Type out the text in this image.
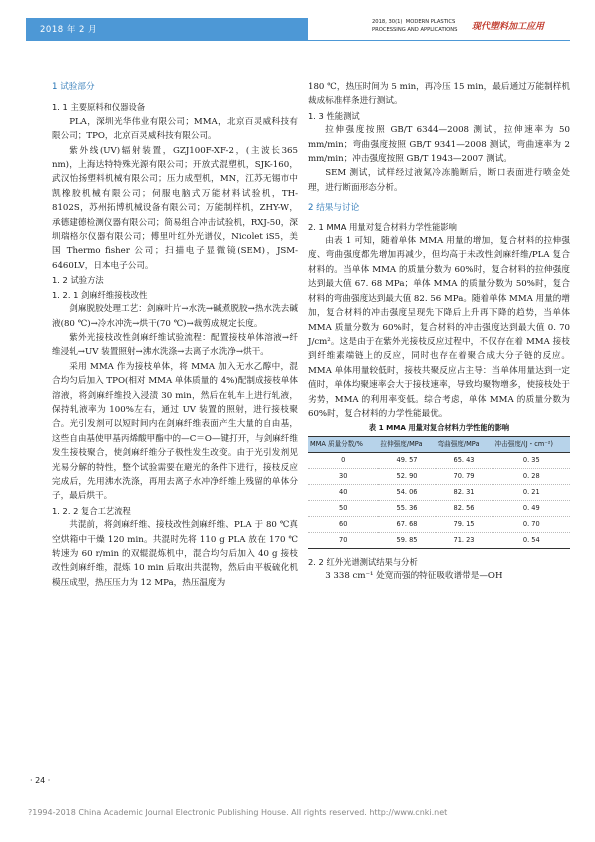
2018 年 2 月
2018, 30(1) MODERN PLASTICS
PROCESSING AND APPLICATIONS 现代塑料加工应用

1 试验部分

1. 1 主要原料和仪器设备

PLA，深圳光华伟业有限公司；MMA，北京百灵威科技有限公司；TPO，北京百灵威科技有限公司。

紫外线(UV)辐射装置，GZJ100F-XF-2，(主波长365 nm)，上海达特特殊光源有限公司；开放式混塑机，SJK-160，武汉怡扬塑料机械有限公司；压力成型机，MN，江苏无锡市中凯橡胶机械有限公司；伺服电脑式万能材料试验机，TH-8102S，苏州拓博机械设备有限公司；万能制样机，ZHY-W，承德建德检测仪器有限公司；简易组合冲击试验机，RXJ-50，深圳瑞格尔仪器有限公司；傅里叶红外光谱仪，Nicolet iS5，美国 Thermo fisher 公司；扫描电子显微镜(SEM)，JSM-6460LV，日本电子公司。

1. 2 试验方法

1. 2. 1 剑麻纤维接枝改性

剑麻脱胶处理工艺：剑麻叶片→水洗→碱煮脱胶→热水洗去碱液(80 ℃)→冷水冲洗→烘干(70 ℃)→裁剪成规定长度。

紫外光接枝改性剑麻纤维试验流程：配置接枝单体溶液→纤维浸轧→UV 装置照射→沸水洗涤→去离子水洗净→烘干。

采用 MMA 作为接枝单体，将 MMA 加入无水乙醇中，混合均匀后加入 TPO(相对 MMA 单体质量的 4%)配制成接枝单体溶液，将剑麻纤维投入浸渍 30 min，然后在轧车上进行轧液，保持轧液率为 100%左右，通过 UV 装置的照射，进行接枝聚合。光引发剂可以短时间内在剑麻纤维表面产生大量的自由基，这些自由基使甲基丙烯酸甲酯中的—C＝O—键打开，与剑麻纤维发生接枝聚合，使剑麻纤维分子极性发生改变。由于光引发剂见光易分解的特性，整个试验需要在避光的条件下进行，接枝反应完成后，先用沸水洗涤，再用去离子水冲净纤维上残留的单体分子，最后烘干。

1. 2. 2 复合工艺流程

共混前，将剑麻纤维、接枝改性剑麻纤维、PLA 于 80 ℃真空烘箱中干燥 120 min。共混时先将 110 g PLA 放在 170 ℃转速为 60 r/min 的双辊混炼机中，混合均匀后加入 40 g 接枝改性剑麻纤维，混炼 10 min 后取出共混物，然后由平板硫化机模压成型，热压压力为 12 MPa，热压温度为

180 ℃，热压时间为 5 min，再冷压 15 min，最后通过万能制样机裁成标准样条进行测试。

1. 3 性能测试

拉伸强度按照 GB/T 6344—2008 测试，拉伸速率为 50 mm/min；弯曲强度按照 GB/T 9341—2008 测试，弯曲速率为 2 mm/min；冲击强度按照 GB/T 1943—2007 测试。

SEM 测试，试样经过液氮冷冻脆断后，断口表面进行喷金处理，进行断面形态分析。

2 结果与讨论

2. 1 MMA 用量对复合材料力学性能影响

由表 1 可知，随着单体 MMA 用量的增加，复合材料的拉伸强度、弯曲强度都先增加再减少，但均高于未改性剑麻纤维/PLA 复合材料的。当单体 MMA 的质量分数为 60%时，复合材料的拉伸强度达到最大值 67. 68 MPa；单体 MMA 的质量分数为 50%时，复合材料的弯曲强度达到最大值 82. 56 MPa。随着单体 MMA 用量的增加，复合材料的冲击强度呈现先下降后上升再下降的趋势，当单体 MMA 质量分数为 60%时，复合材料的冲击强度达到最大值 0. 70 J/cm²。这是由于在紫外光接枝反应过程中，不仅存在着 MMA 接枝到纤维素端链上的反应，同时也存在着聚合成大分子链的反应。MMA 单体用量较低时，接枝共聚反应占主导：当单体用量达到一定值时，单体均聚速率会大于接枝速率，导致均聚物增多，使接枝处于劣势，MMA 的利用率变低。综合考虑，单体 MMA 的质量分数为 60%时，复合材料的力学性能最优。

表 1 MMA 用量对复合材料力学性能的影响

MMA 质量分数/%	拉伸强度/MPa	弯曲强度/MPa	冲击强度/(J・cm⁻²)
0	49. 57	65. 43	0. 35
30	52. 90	70. 79	0. 28
40	54. 06	82. 31	0. 21
50	55. 36	82. 56	0. 49
60	67. 68	79. 15	0. 70
70	59. 85	71. 23	0. 54

2. 2 红外光谱测试结果与分析

3 338 cm⁻¹ 处宽而强的特征吸收谱带是—OH

· 24 ·
?1994-2018 China Academic Journal Electronic Publishing House. All rights reserved. http://www.cnki.net
